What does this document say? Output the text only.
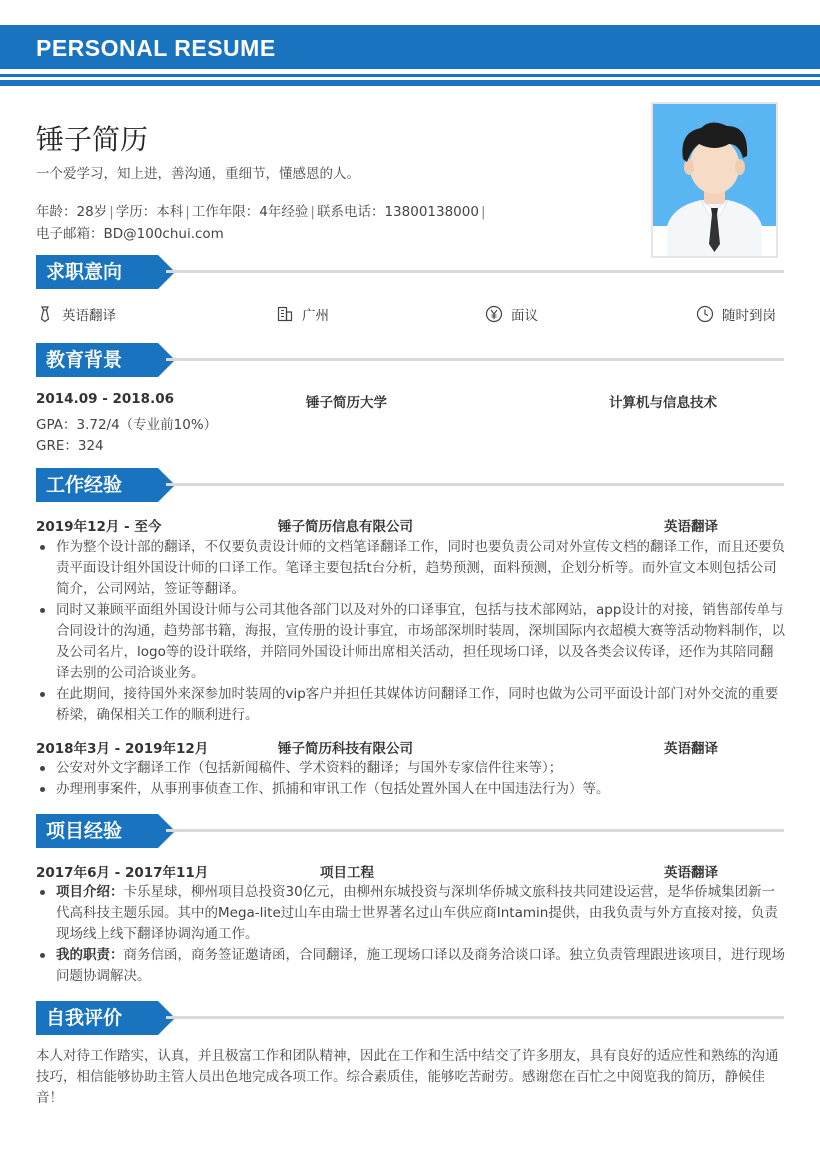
PERSONAL RESUME
锤子简历
一个爱学习，知上进，善沟通，重细节，懂感恩的人。
年龄：28岁 | 学历：本科 | 工作年限：4年经验 | 联系电话：13800138000 |
电子邮箱：BD@100chui.com
求职意向
英语翻译	广州	面议	随时到岗
教育背景
2014.09 - 2018.06	锤子简历大学	计算机与信息技术
GPA：3.72/4（专业前10%）
GRE：324
工作经验
2019年12月 - 至今	锤子简历信息有限公司	英语翻译
作为整个设计部的翻译，不仅要负责设计师的文档笔译翻译工作，同时也要负责公司对外宣传文档的翻译工作，而且还要负责平面设计组外国设计师的口译工作。笔译主要包括t台分析，趋势预测，面料预测，企划分析等。而外宣文本则包括公司简介，公司网站，签证等翻译。
同时又兼顾平面组外国设计师与公司其他各部门以及对外的口译事宜，包括与技术部网站，app设计的对接，销售部传单与合同设计的沟通，趋势部书籍，海报，宣传册的设计事宜，市场部深圳时装周，深圳国际内衣超模大赛等活动物料制作，以及公司名片，logo等的设计联络，并陪同外国设计师出席相关活动，担任现场口译，以及各类会议传译，还作为其陪同翻译去别的公司洽谈业务。
在此期间，接待国外来深参加时装周的vip客户并担任其媒体访问翻译工作，同时也做为公司平面设计部门对外交流的重要桥梁，确保相关工作的顺利进行。
2018年3月 - 2019年12月	锤子简历科技有限公司	英语翻译
公安对外文字翻译工作（包括新闻稿件、学术资料的翻译；与国外专家信件往来等）；
办理刑事案件，从事刑事侦查工作、抓捕和审讯工作（包括处置外国人在中国违法行为）等。
项目经验
2017年6月 - 2017年11月	项目工程	英语翻译
项目介绍：卡乐星球，柳州项目总投资30亿元，由柳州东城投资与深圳华侨城文旅科技共同建设运营，是华侨城集团新一代高科技主题乐园。其中的Mega-lite过山车由瑞士世界著名过山车供应商Intamin提供，由我负责与外方直接对接，负责现场线上线下翻译协调沟通工作。
我的职责：商务信函，商务签证邀请函，合同翻译，施工现场口译以及商务洽谈口译。独立负责管理跟进该项目，进行现场问题协调解决。
自我评价
本人对待工作踏实，认真，并且极富工作和团队精神，因此在工作和生活中结交了许多朋友，具有良好的适应性和熟练的沟通技巧，相信能够协助主管人员出色地完成各项工作。综合素质佳，能够吃苦耐劳。感谢您在百忙之中阅览我的简历，静候佳音！
